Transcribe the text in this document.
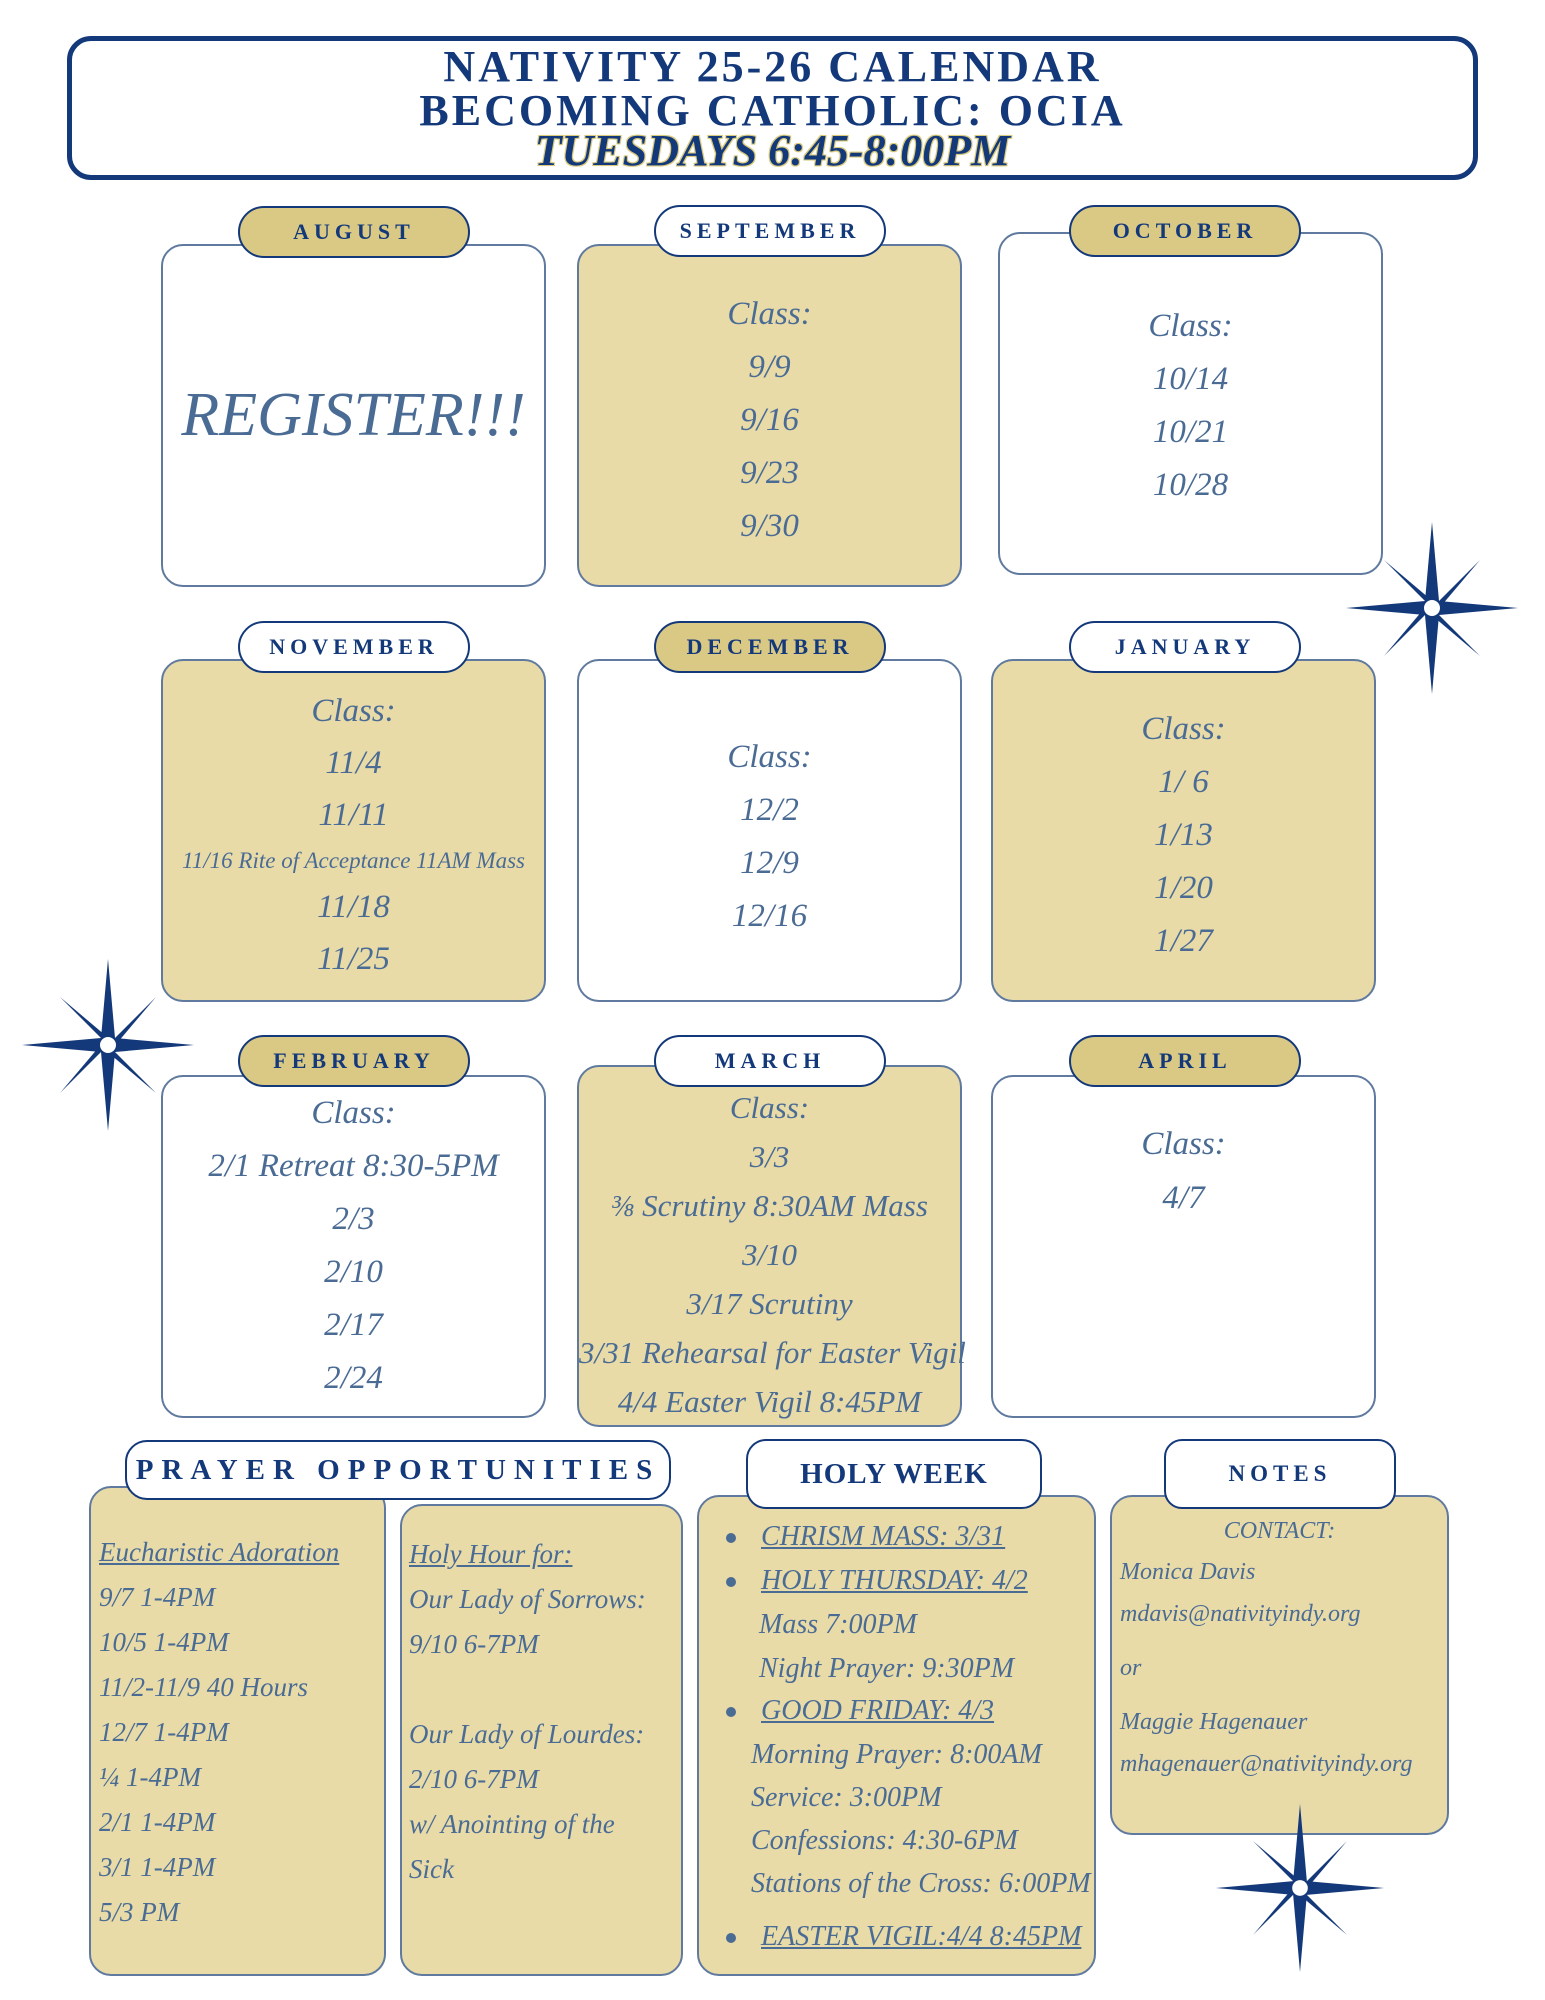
NATIVITY 25-26 CALENDAR
BECOMING CATHOLIC: OCIA
TUESDAYS 6:45-8:00PM
REGISTER!!!
AUGUST
Class:
9/9
9/16
9/23
9/30
SEPTEMBER
Class:
10/14
10/21
10/28
OCTOBER
Class:
11/4
11/11
11/16 Rite of Acceptance 11AM Mass
11/18
11/25
NOVEMBER
Class:
12/2
12/9
12/16
DECEMBER
Class:
1/ 6
1/13
1/20
1/27
JANUARY
Class:
2/1 Retreat 8:30-5PM
2/3
2/10
2/17
2/24
FEBRUARY
Class:
3/3
⅜ Scrutiny 8:30AM Mass
3/10
3/17 Scrutiny
3/31 Rehearsal for Easter Vigil
4/4 Easter Vigil 8:45PM
MARCH
Class:
4/7
APRIL
Eucharistic Adoration
9/7 1-4PM
10/5 1-4PM
11/2-11/9 40 Hours
12/7 1-4PM
¼ 1-4PM
2/1 1-4PM
3/1 1-4PM
5/3 PM
Holy Hour for:
Our Lady of Sorrows:
9/10 6-7PM
Our Lady of Lourdes:
2/10 6-7PM
w/ Anointing of the
Sick
PRAYER OPPORTUNITIES
CHRISM MASS: 3/31
HOLY THURSDAY: 4/2
Mass 7:00PM
Night Prayer: 9:30PM
GOOD FRIDAY: 4/3
Morning Prayer: 8:00AM
Service: 3:00PM
Confessions: 4:30-6PM
Stations of the Cross: 6:00PM
EASTER VIGIL:4/4 8:45PM
HOLY WEEK
CONTACT:
Monica Davis
mdavis@nativityindy.org
or
Maggie Hagenauer
mhagenauer@nativityindy.org
NOTES
